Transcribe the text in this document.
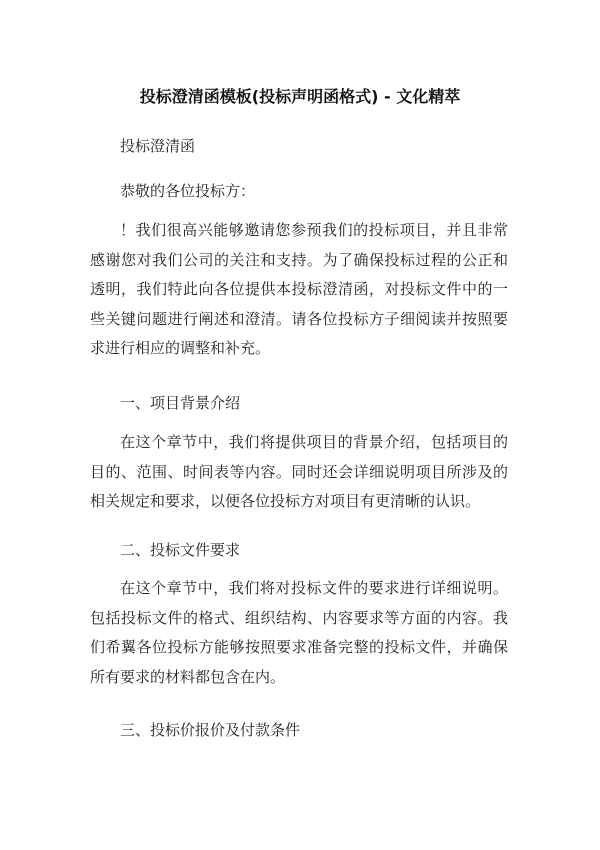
投标澄清函模板(投标声明函格式) - 文化精萃
投标澄清函
恭敬的各位投标方：
！我们很高兴能够邀请您参预我们的投标项目，并且非常感谢您对我们公司的关注和支持。为了确保投标过程的公正和透明，我们特此向各位提供本投标澄清函，对投标文件中的一些关键问题进行阐述和澄清。请各位投标方子细阅读并按照要求进行相应的调整和补充。
一、项目背景介绍
在这个章节中，我们将提供项目的背景介绍，包括项目的目的、范围、时间表等内容。同时还会详细说明项目所涉及的相关规定和要求，以便各位投标方对项目有更清晰的认识。
二、投标文件要求
在这个章节中，我们将对投标文件的要求进行详细说明。包括投标文件的格式、组织结构、内容要求等方面的内容。我们希翼各位投标方能够按照要求准备完整的投标文件，并确保所有要求的材料都包含在内。
三、投标价报价及付款条件
